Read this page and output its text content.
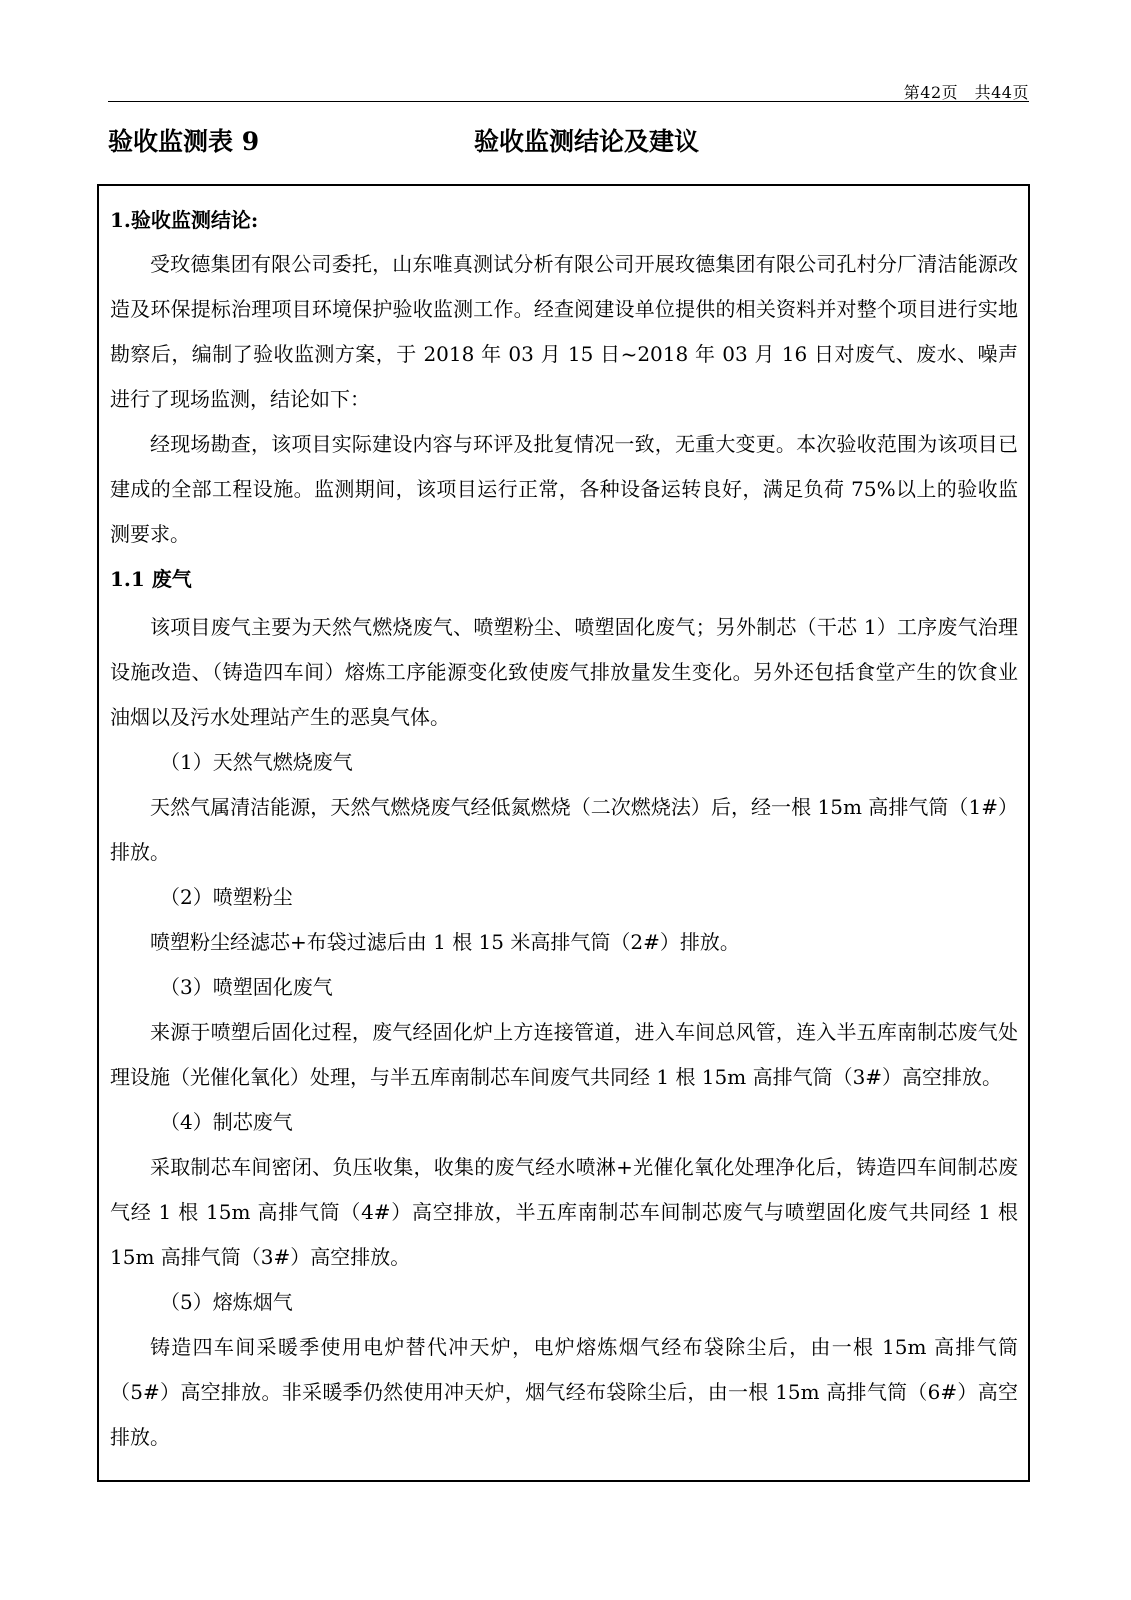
第42页　共44页
验收监测表 9	验收监测结论及建议
1.验收监测结论:

受玫德集团有限公司委托，山东唯真测试分析有限公司开展玫德集团有限公司孔村分厂清洁能源改造及环保提标治理项目环境保护验收监测工作。经查阅建设单位提供的相关资料并对整个项目进行实地勘察后，编制了验收监测方案，于 2018 年 03 月 15 日~2018 年 03 月 16 日对废气、废水、噪声进行了现场监测，结论如下：

经现场勘查，该项目实际建设内容与环评及批复情况一致，无重大变更。本次验收范围为该项目已建成的全部工程设施。监测期间，该项目运行正常，各种设备运转良好，满足负荷 75%以上的验收监测要求。

1.1 废气

该项目废气主要为天然气燃烧废气、喷塑粉尘、喷塑固化废气；另外制芯（干芯 1）工序废气治理设施改造、（铸造四车间）熔炼工序能源变化致使废气排放量发生变化。另外还包括食堂产生的饮食业油烟以及污水处理站产生的恶臭气体。

（1）天然气燃烧废气

天然气属清洁能源，天然气燃烧废气经低氮燃烧（二次燃烧法）后，经一根 15m 高排气筒（1#）排放。

（2）喷塑粉尘

喷塑粉尘经滤芯+布袋过滤后由 1 根 15 米高排气筒（2#）排放。

（3）喷塑固化废气

来源于喷塑后固化过程，废气经固化炉上方连接管道，进入车间总风管，连入半五库南制芯废气处理设施（光催化氧化）处理，与半五库南制芯车间废气共同经 1 根 15m 高排气筒（3#）高空排放。

（4）制芯废气

采取制芯车间密闭、负压收集，收集的废气经水喷淋+光催化氧化处理净化后，铸造四车间制芯废气经 1 根 15m 高排气筒（4#）高空排放，半五库南制芯车间制芯废气与喷塑固化废气共同经 1 根 15m 高排气筒（3#）高空排放。

（5）熔炼烟气

铸造四车间采暖季使用电炉替代冲天炉，电炉熔炼烟气经布袋除尘后，由一根 15m 高排气筒（5#）高空排放。非采暖季仍然使用冲天炉，烟气经布袋除尘后，由一根 15m 高排气筒（6#）高空排放。
